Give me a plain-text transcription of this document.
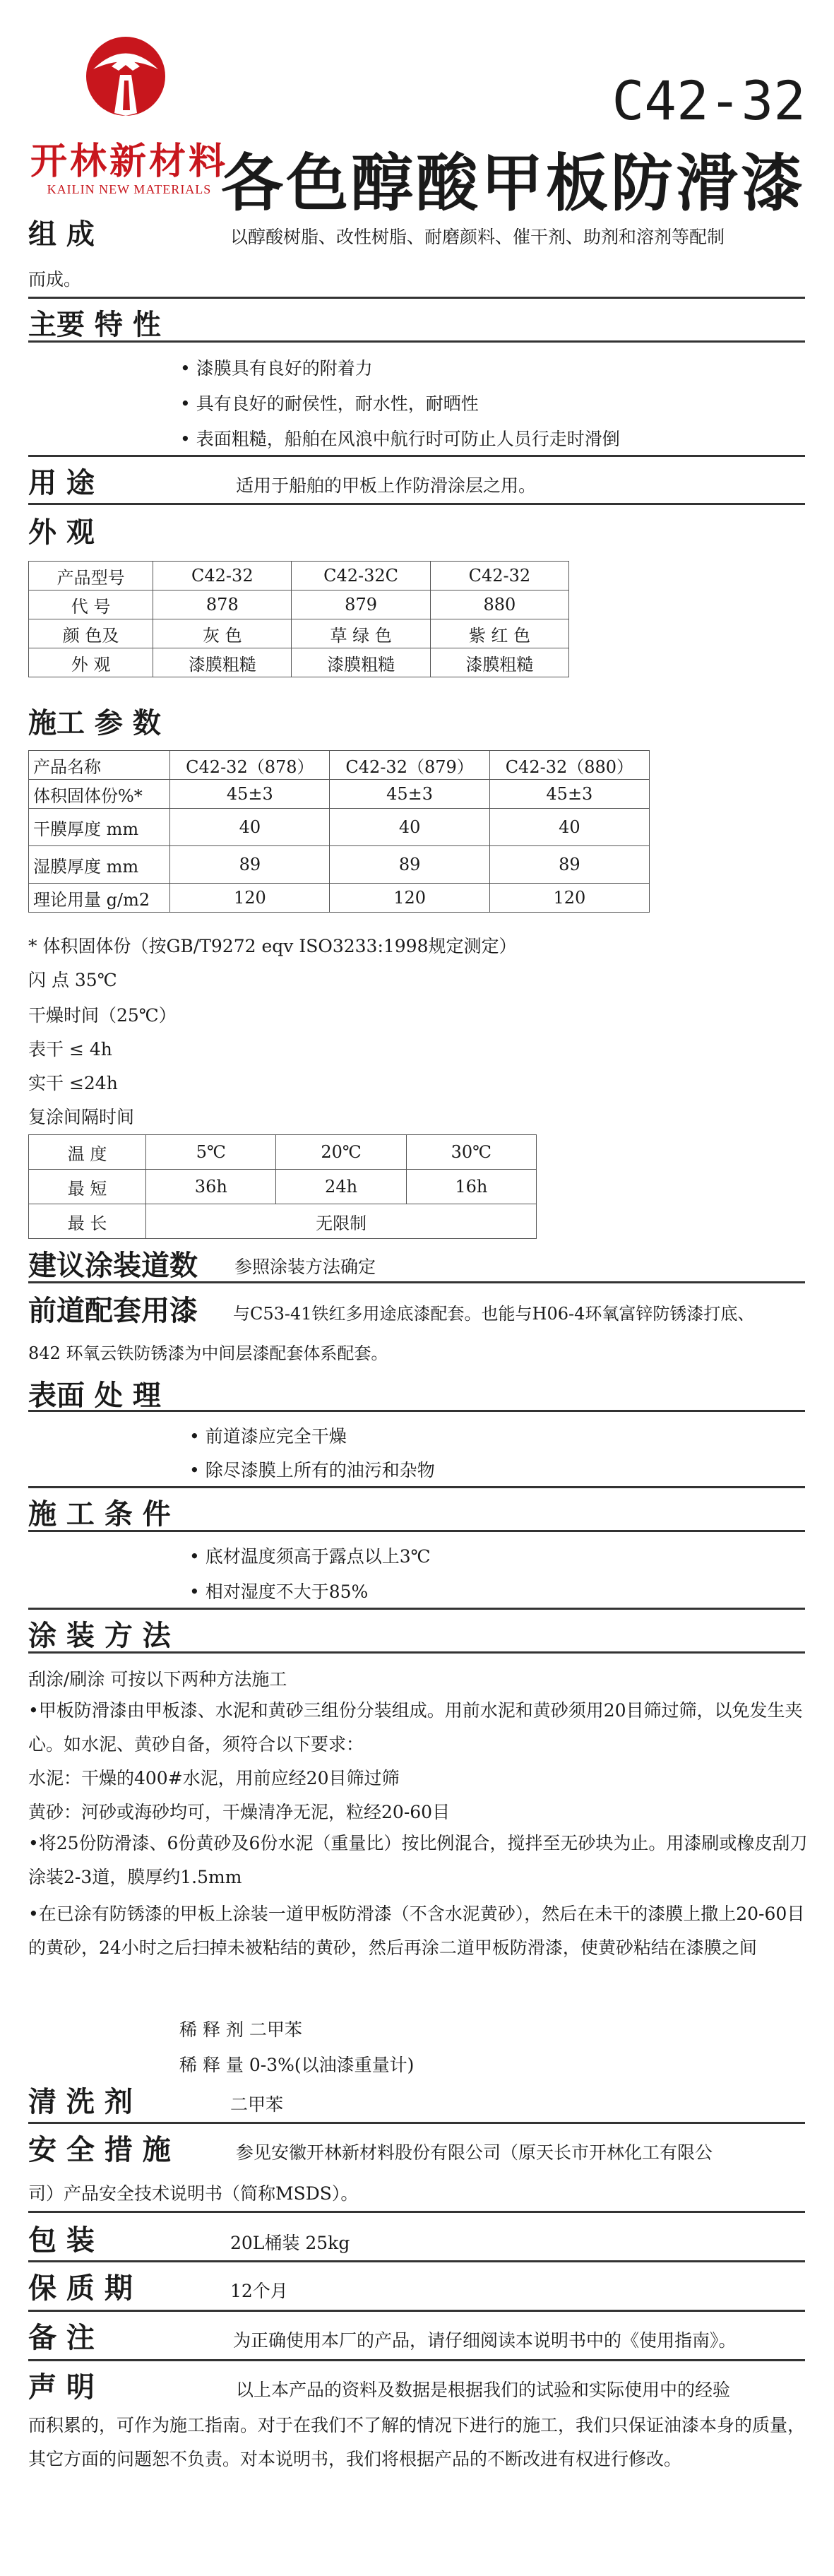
开林新材料
KAILIN NEW MATERIALS
C42-32
各色醇酸甲板防滑漆
组 成	以醇酸树脂、改性树脂、耐磨颜料、催干剂、助剂和溶剂等配制
而成。
主要 特 性
• 漆膜具有良好的附着力
• 具有良好的耐侯性，耐水性，耐晒性
• 表面粗糙，船舶在风浪中航行时可防止人员行走时滑倒
用 途	适用于船舶的甲板上作防滑涂层之用。
外 观
产品型号	C42-32	C42-32C	C42-32
代 号	878	879	880
颜 色及	灰 色	草 绿 色	紫 红 色
外 观	漆膜粗糙	漆膜粗糙	漆膜粗糙
施工 参 数
产品名称	C42-32（878）	C42-32（879）	C42-32（880）
体积固体份%*	45±3	45±3	45±3
干膜厚度 mm	40	40	40
湿膜厚度 mm	89	89	89
理论用量 g/m2	120	120	120
* 体积固体份（按GB/T9272 eqv ISO3233:1998规定测定）
闪 点 35℃
干燥时间（25℃）
表干 ≤ 4h
实干 ≤24h
复涂间隔时间
温 度	5℃	20℃	30℃
最 短	36h	24h	16h
最 长	无限制		
建议涂装道数 参照涂装方法确定
前道配套用漆 与C53-41铁红多用途底漆配套。也能与H06-4环氧富锌防锈漆打底、
842 环氧云铁防锈漆为中间层漆配套体系配套。
表面 处 理
• 前道漆应完全干燥
• 除尽漆膜上所有的油污和杂物
施 工 条 件
• 底材温度须高于露点以上3℃
• 相对湿度不大于85%
涂 装 方 法
刮涂/刷涂 可按以下两种方法施工
•甲板防滑漆由甲板漆、水泥和黄砂三组份分装组成。用前水泥和黄砂须用20目筛过筛，以免发生夹心。如水泥、黄砂自备，须符合以下要求：
水泥：干燥的400#水泥，用前应经20目筛过筛
黄砂：河砂或海砂均可，干燥清净无泥，粒经20-60目
•将25份防滑漆、6份黄砂及6份水泥（重量比）按比例混合，搅拌至无砂块为止。用漆刷或橡皮刮刀涂装2-3道，膜厚约1.5mm
•在已涂有防锈漆的甲板上涂装一道甲板防滑漆（不含水泥黄砂），然后在未干的漆膜上撒上20-60目的黄砂，24小时之后扫掉未被粘结的黄砂，然后再涂二道甲板防滑漆，使黄砂粘结在漆膜之间
稀 释 剂 二甲苯
稀 释 量 0-3%(以油漆重量计)
清 洗 剂	二甲苯
安 全 措 施	参见安徽开林新材料股份有限公司（原天长市开林化工有限公
司）产品安全技术说明书（简称MSDS）。
包 装	20L桶装 25kg
保 质 期	12个月
备 注	为正确使用本厂的产品，请仔细阅读本说明书中的《使用指南》。
声 明	以上本产品的资料及数据是根据我们的试验和实际使用中的经验
而积累的，可作为施工指南。对于在我们不了解的情况下进行的施工，我们只保证油漆本身的质量，其它方面的问题恕不负责。对本说明书，我们将根据产品的不断改进有权进行修改。
